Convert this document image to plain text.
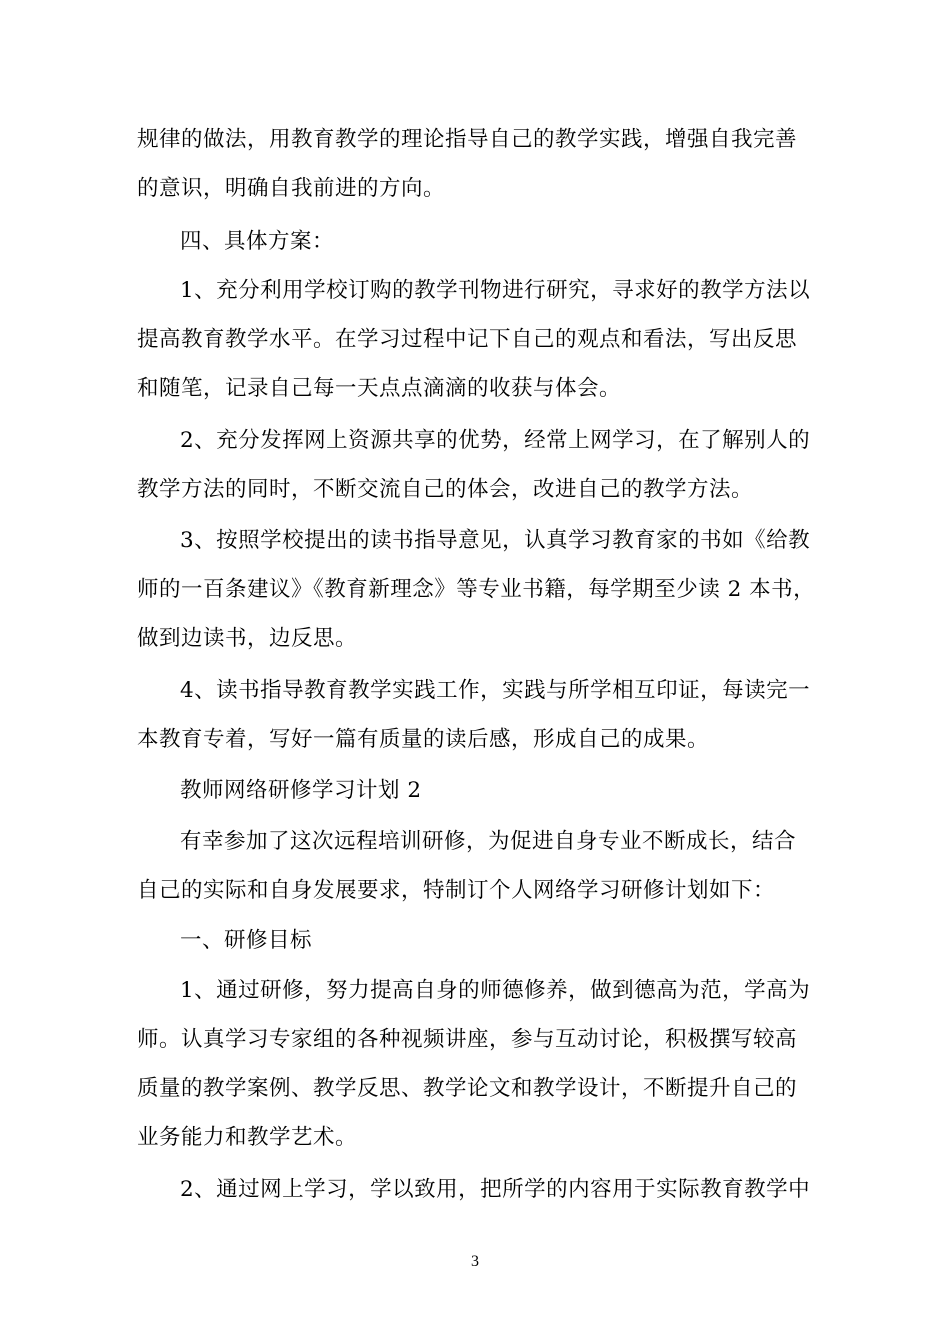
规律的做法，用教育教学的理论指导自己的教学实践，增强自我完善
的意识，明确自我前进的方向。
四、具体方案：
1、充分利用学校订购的教学刊物进行研究，寻求好的教学方法以
提高教育教学水平。在学习过程中记下自己的观点和看法，写出反思
和随笔，记录自己每一天点点滴滴的收获与体会。
2、充分发挥网上资源共享的优势，经常上网学习，在了解别人的
教学方法的同时，不断交流自己的体会，改进自己的教学方法。
3、按照学校提出的读书指导意见，认真学习教育家的书如《给教
师的一百条建议》《教育新理念》等专业书籍，每学期至少读 2 本书，
做到边读书，边反思。
4、读书指导教育教学实践工作，实践与所学相互印证，每读完一
本教育专着，写好一篇有质量的读后感，形成自己的成果。
教师网络研修学习计划 2
有幸参加了这次远程培训研修，为促进自身专业不断成长，结合
自己的实际和自身发展要求，特制订个人网络学习研修计划如下：
一、研修目标
1、通过研修，努力提高自身的师德修养，做到德高为范，学高为
师。认真学习专家组的各种视频讲座，参与互动讨论，积极撰写较高
质量的教学案例、教学反思、教学论文和教学设计，不断提升自己的
业务能力和教学艺术。
2、通过网上学习，学以致用，把所学的内容用于实际教育教学中
3
